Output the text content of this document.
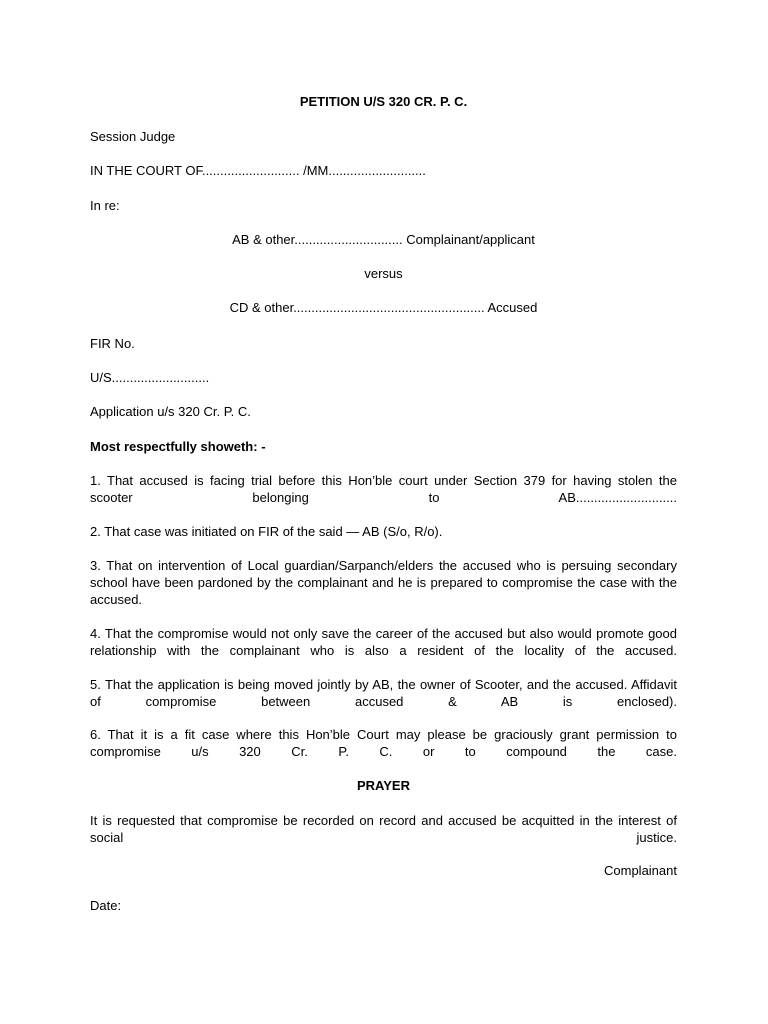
PETITION U/S 320 CR. P. C.
Session Judge
IN THE COURT OF........................... /MM...........................
In re:
AB & other.............................. Complainant/applicant
versus
CD & other..................................................... Accused
FIR No.
U/S...........................
Application u/s 320 Cr. P. C.
Most respectfully showeth: -
1. That accused is facing trial before this Hon’ble court under Section 379 for having stolen the scooter belonging to AB............................
2. That case was initiated on FIR of the said — AB (S/o, R/o).
3. That on intervention of Local guardian/Sarpanch/elders the accused who is persuing secondary school have been pardoned by the complainant and he is prepared to compromise the case with the accused.
4. That the compromise would not only save the career of the accused but also would promote good relationship with the complainant who is also a resident of the locality of the accused.
5. That the application is being moved jointly by AB, the owner of Scooter, and the accused. Affidavit of compromise between accused & AB is enclosed).
6. That it is a fit case where this Hon’ble Court may please be graciously grant permission to compromise u/s 320 Cr. P. C. or to compound the case.
PRAYER
It is requested that compromise be recorded on record and accused be acquitted in the interest of social justice.
Complainant
Date:
